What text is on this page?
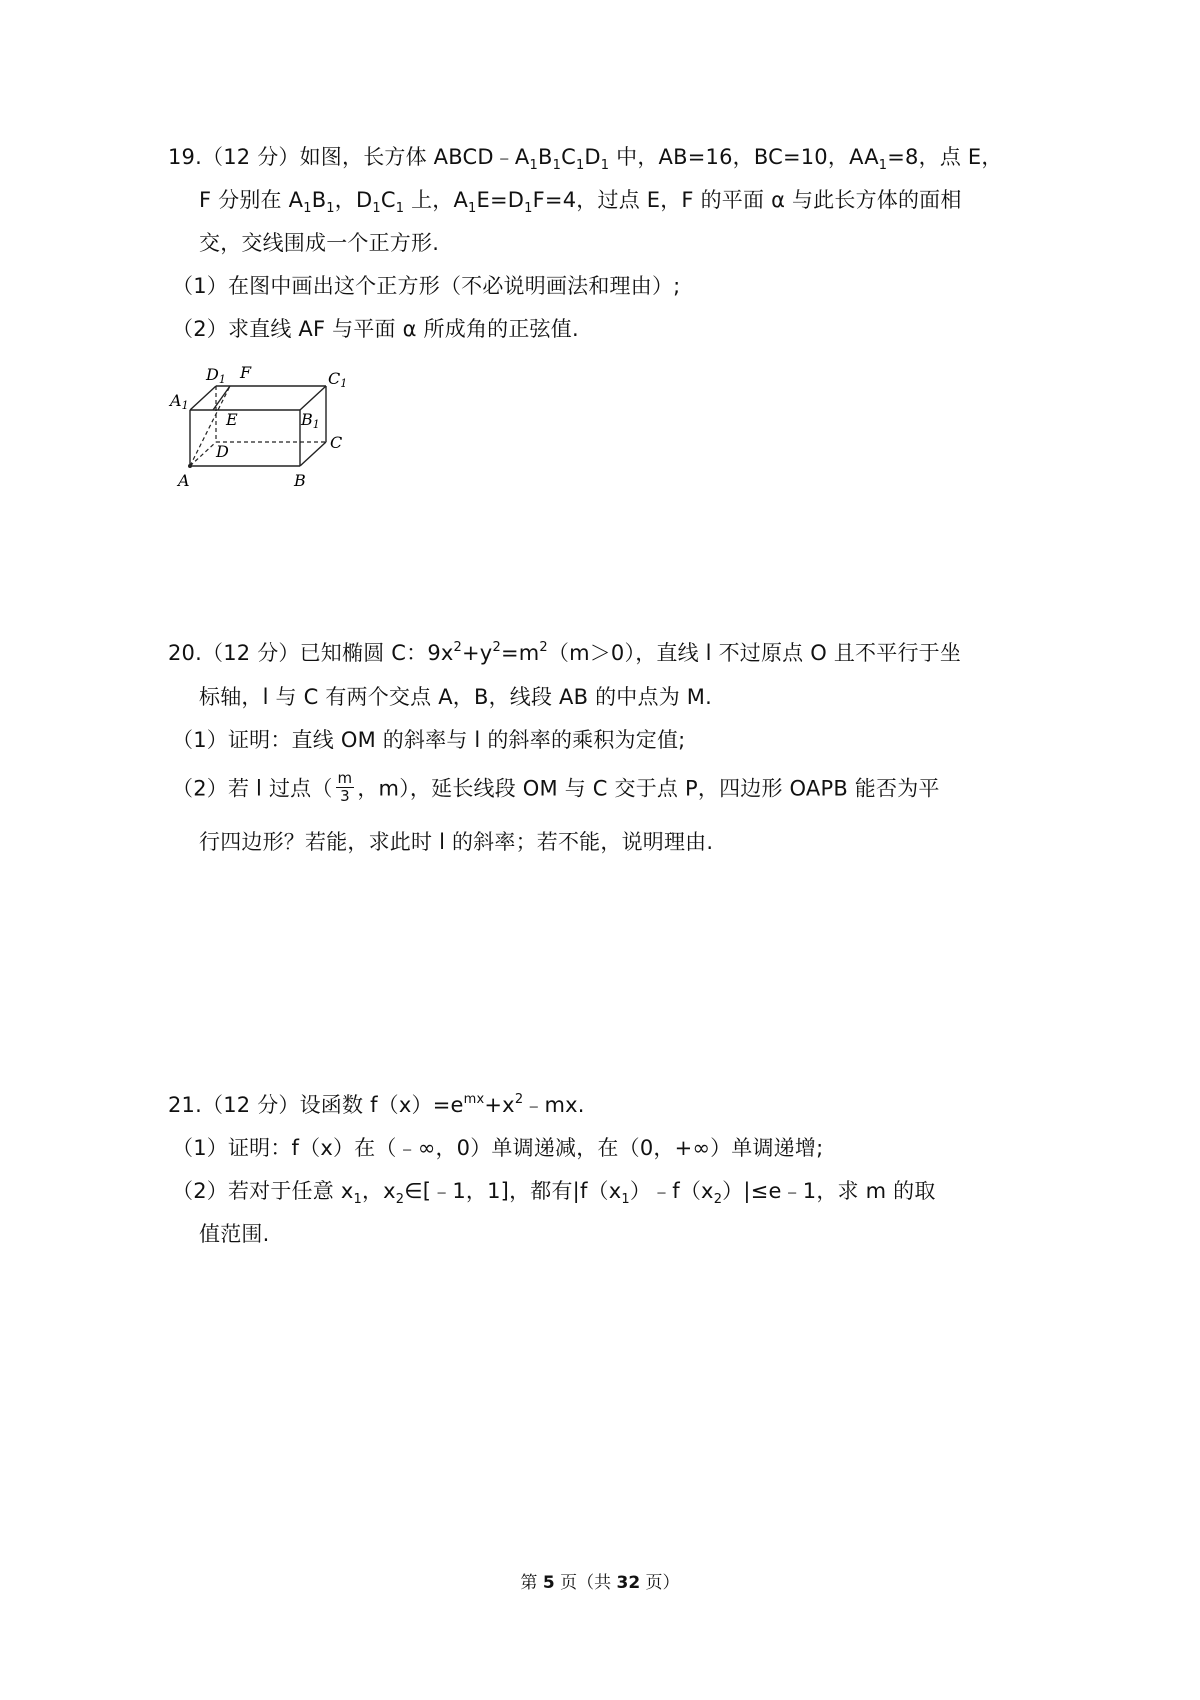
19.（12 分）如图，长方体 $ABCD﹣A_1B_1C_1D_1$ 中，AB=16，BC=10，$AA_1=8$，点 E，
F 分别在 $A_1B_1$，$D_1C_1$ 上，$A_1E=D_1F=4$，过点 E，F 的平面 α 与此长方体的面相
交，交线围成一个正方形.
（1）在图中画出这个正方形（不必说明画法和理由）;
（2）求直线 AF 与平面 α 所成角的正弦值.
D1 F	C1
A1
E	B1
D	C
A	B
20.（12 分）已知椭圆 C：$9x^2+y^2=m^2(m>0)$，直线 l 不过原点 O 且不平行于坐
标轴，l 与 C 有两个交点 A，B，线段 AB 的中点为 M.
（1）证明：直线 OM 的斜率与 l 的斜率的乘积为定值;
（2）若 l 过点（ $\frac{m}{3}$ ，m），延长线段 OM 与 C 交于点 P，四边形 OAPB 能否为平
行四边形？若能，求此时 l 的斜率；若不能，说明理由.
21.（12 分）设函数 $f(x)=e^{mx}+x^2﹣mx$.
（1）证明：f（x）在（﹣∞，0）单调递减，在（0，+∞）单调递增;
（2）若对于任意 $x_1$，$x_2\in[﹣1$，1]，都有$|f(x_1)﹣f(x_2)|\le e﹣1$，求 m 的取
值范围.
第 5 页（共 32 页）
